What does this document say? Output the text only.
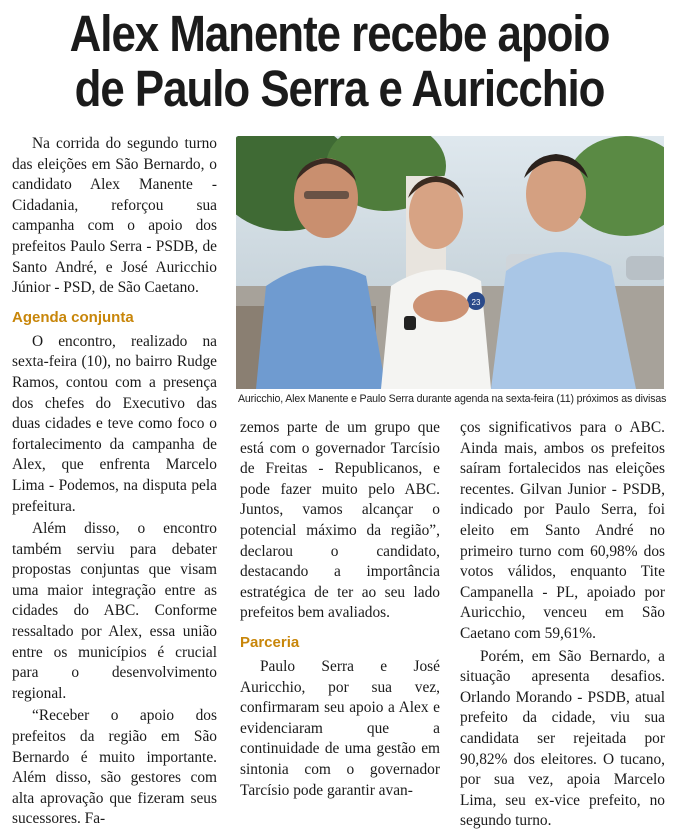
Alex Manente recebe apoio
de Paulo Serra e Auricchio

Na corrida do segundo turno das eleições em São Bernardo, o candidato Alex Manente - Cidadania, reforçou sua campanha com o apoio dos prefeitos Paulo Serra - PSDB, de Santo André, e José Auricchio Júnior - PSD, de São Caetano.

Agenda conjunta

O encontro, realizado na sexta-feira (10), no bairro Rudge Ramos, contou com a presença dos chefes do Executivo das duas cidades e teve como foco o fortalecimento da campanha de Alex, que enfrenta Marcelo Lima - Podemos, na disputa pela prefeitura.

Além disso, o encontro também serviu para debater propostas conjuntas que visam uma maior integração entre as cidades do ABC. Conforme ressaltado por Alex, essa união entre os municípios é crucial para o desenvolvimento regional.

“Receber o apoio dos prefeitos da região em São Bernardo é muito importante. Além disso, são gestores com alta aprovação que fizeram seus sucessores. Fa-

23
Auricchio, Alex Manente e Paulo Serra durante agenda na sexta-feira (11) próximos as divisas

zemos parte de um grupo que está com o governador Tarcísio de Freitas - Republicanos, e pode fazer muito pelo ABC. Juntos, vamos alcançar o potencial máximo da região”, declarou o candidato, destacando a importância estratégica de ter ao seu lado prefeitos bem avaliados.

Parceria

Paulo Serra e José Auricchio, por sua vez, confirmaram seu apoio a Alex e evidenciaram que a continuidade de uma gestão em sintonia com o governador Tarcísio pode garantir avan-

ços significativos para o ABC. Ainda mais, ambos os prefeitos saíram fortalecidos nas eleições recentes. Gilvan Junior - PSDB, indicado por Paulo Serra, foi eleito em Santo André no primeiro turno com 60,98% dos votos válidos, enquanto Tite Campanella - PL, apoiado por Auricchio, venceu em São Caetano com 59,61%.

Porém, em São Bernardo, a situação apresenta desafios. Orlando Morando - PSDB, atual prefeito da cidade, viu sua candidata ser rejeitada por 90,82% dos eleitores. O tucano, por sua vez, apoia Marcelo Lima, seu ex-vice prefeito, no segundo turno.
